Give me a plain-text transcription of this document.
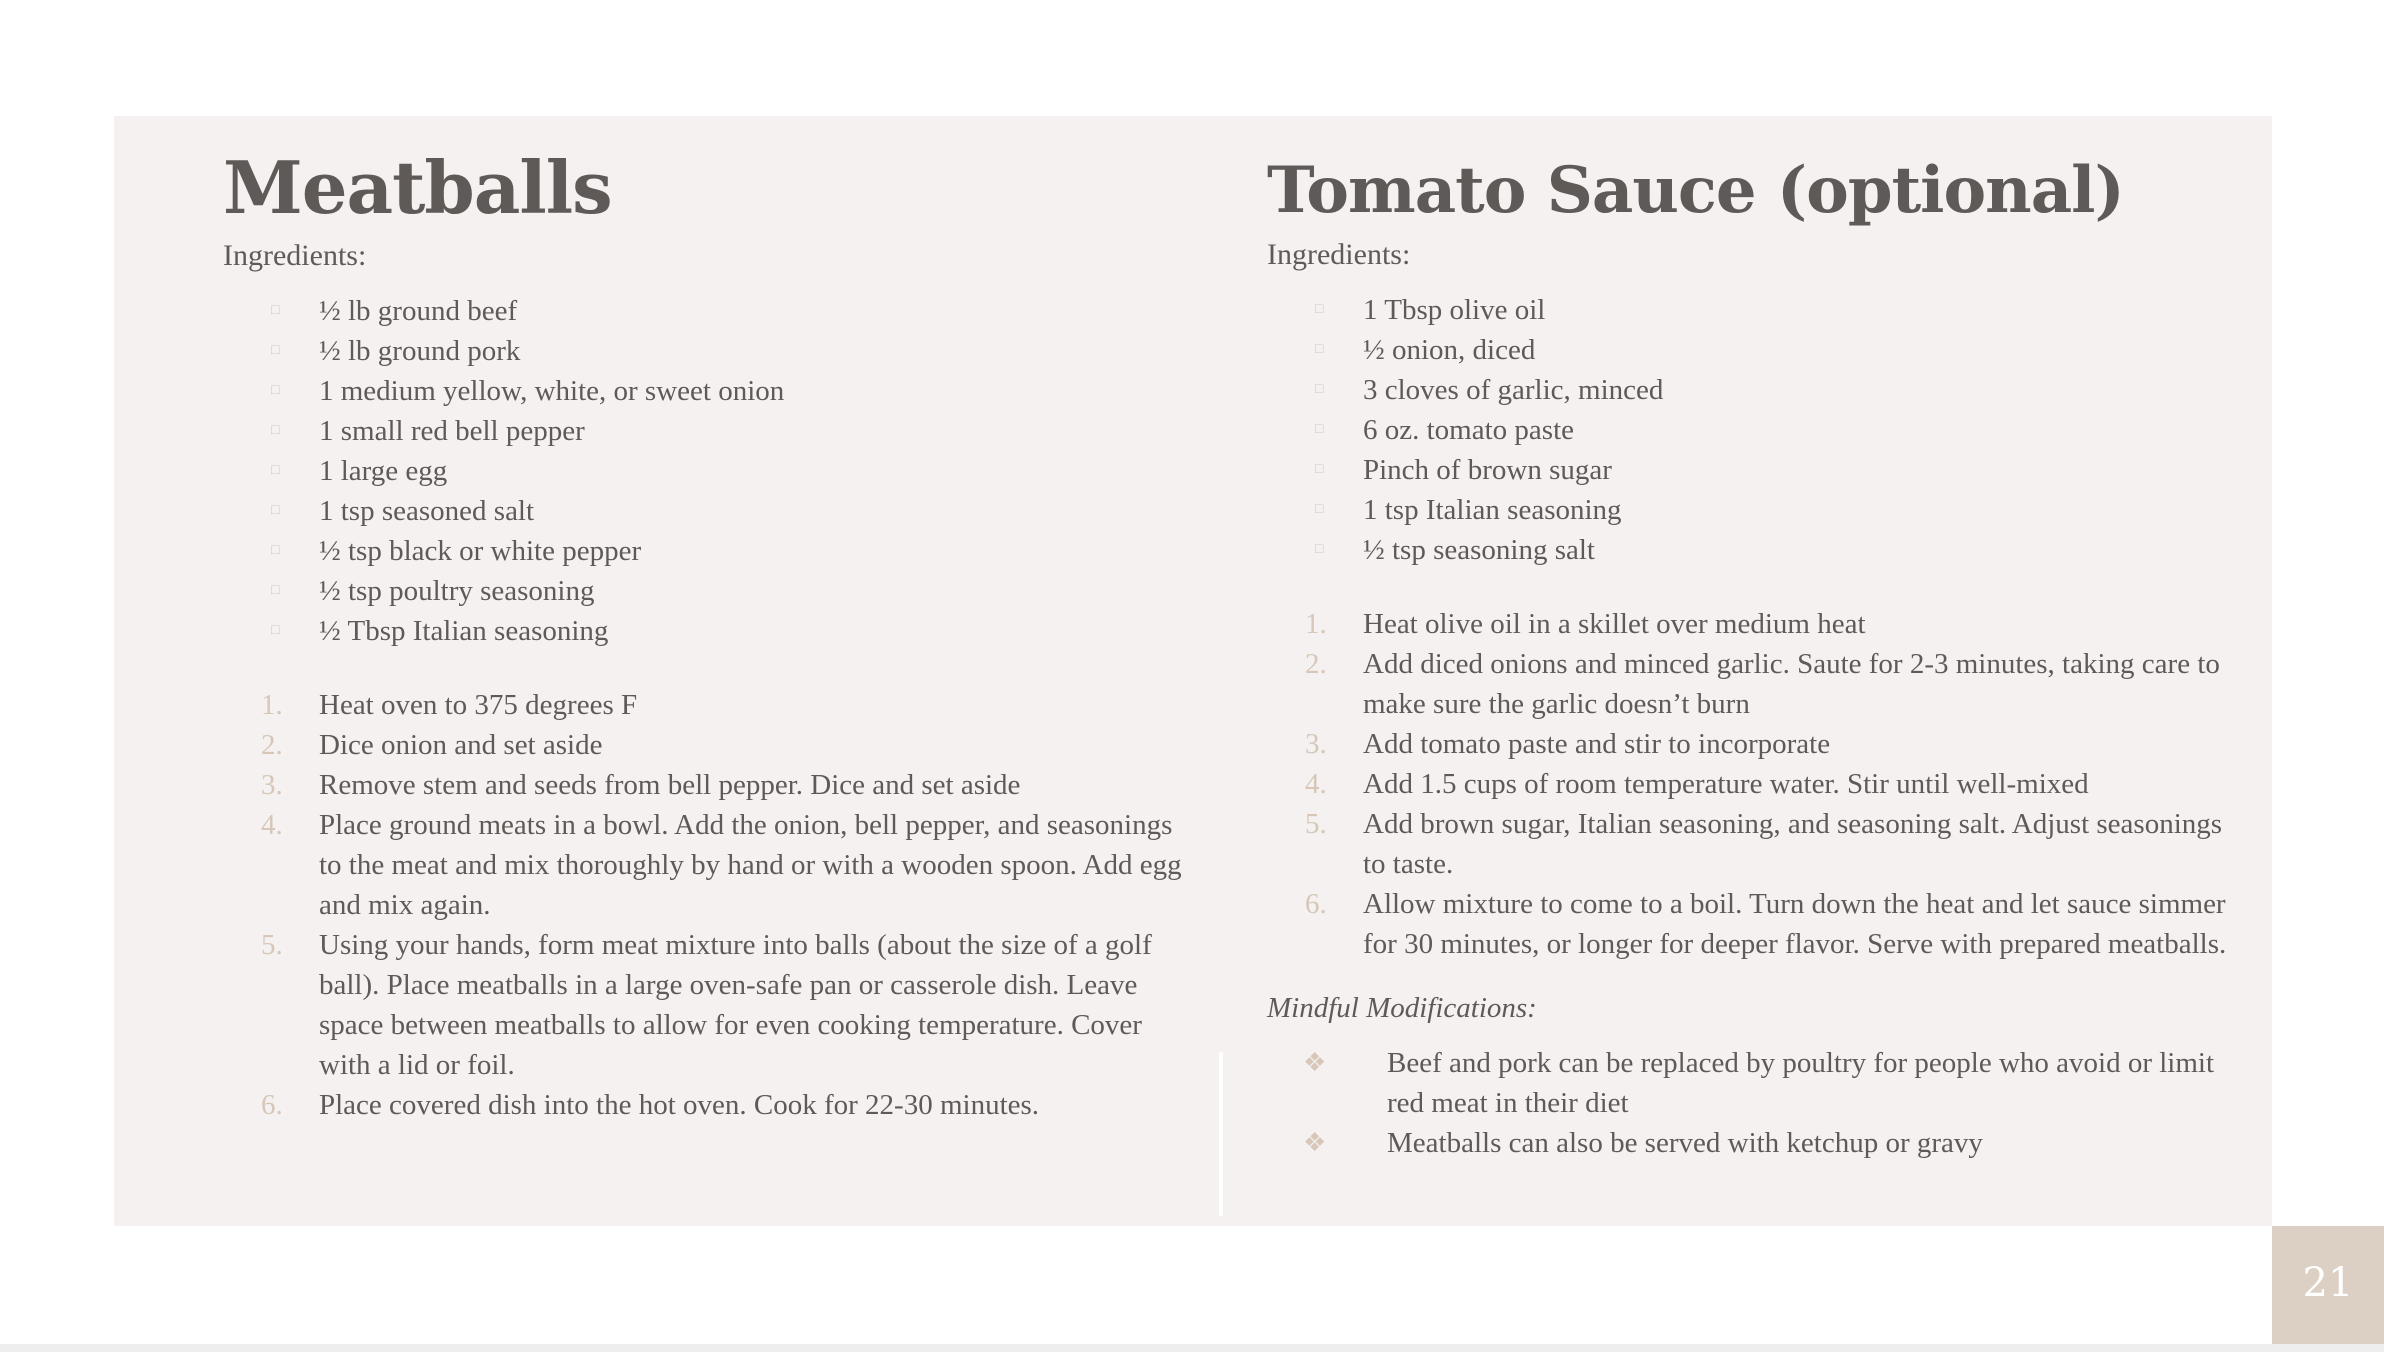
Meatballs
Ingredients:
□ ½ lb ground beef
□ ½ lb ground pork
□ 1 medium yellow, white, or sweet onion
□ 1 small red bell pepper
□ 1 large egg
□ 1 tsp seasoned salt
□ ½ tsp black or white pepper
□ ½ tsp poultry seasoning
□ ½ Tbsp Italian seasoning
1. Heat oven to 375 degrees F
2. Dice onion and set aside
3. Remove stem and seeds from bell pepper. Dice and set aside
4. Place ground meats in a bowl. Add the onion, bell pepper, and seasonings to the meat and mix thoroughly by hand or with a wooden spoon. Add egg and mix again.
5. Using your hands, form meat mixture into balls (about the size of a golf ball). Place meatballs in a large oven-safe pan or casserole dish. Leave space between meatballs to allow for even cooking temperature. Cover with a lid or foil.
6. Place covered dish into the hot oven. Cook for 22-30 minutes.
Tomato Sauce (optional)
Ingredients:
□ 1 Tbsp olive oil
□ ½ onion, diced
□ 3 cloves of garlic, minced
□ 6 oz. tomato paste
□ Pinch of brown sugar
□ 1 tsp Italian seasoning
□ ½ tsp seasoning salt
1. Heat olive oil in a skillet over medium heat
2. Add diced onions and minced garlic. Saute for 2-3 minutes, taking care to make sure the garlic doesn’t burn
3. Add tomato paste and stir to incorporate
4. Add 1.5 cups of room temperature water. Stir until well-mixed
5. Add brown sugar, Italian seasoning, and seasoning salt. Adjust seasonings to taste.
6. Allow mixture to come to a boil. Turn down the heat and let sauce simmer for 30 minutes, or longer for deeper flavor. Serve with prepared meatballs.
Mindful Modifications:
❖ Beef and pork can be replaced by poultry for people who avoid or limit red meat in their diet
❖ Meatballs can also be served with ketchup or gravy
21
